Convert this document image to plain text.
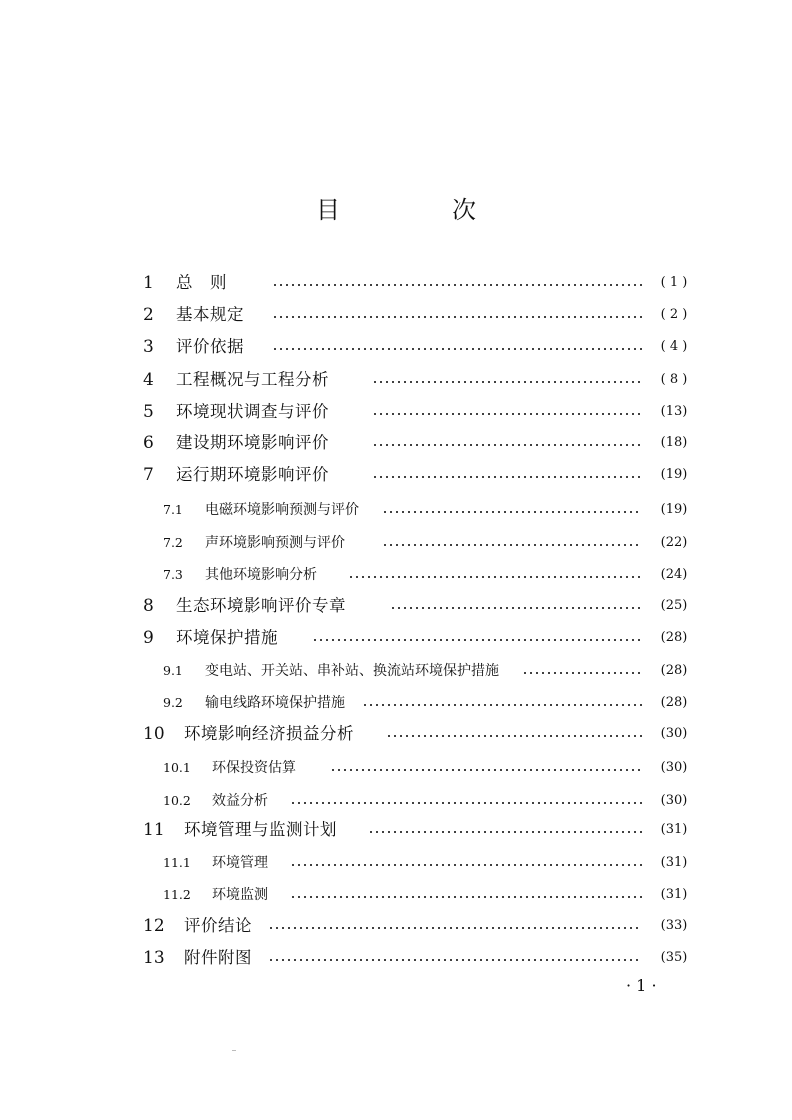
目　次
1 总　则	( 1 )
2 基本规定	( 2 )
3 评价依据	( 4 )
4 工程概况与工程分析	( 8 )
5 环境现状调查与评价	(13)
6 建设期环境影响评价	(18)
7 运行期环境影响评价	(19)
7.1 电磁环境影响预测与评价	(19)
7.2 声环境影响预测与评价	(22)
7.3 其他环境影响分析	(24)
8 生态环境影响评价专章	(25)
9 环境保护措施	(28)
9.1 变电站、开关站、串补站、换流站环境保护措施	(28)
9.2 输电线路环境保护措施	(28)
10 环境影响经济损益分析	(30)
10.1 环保投资估算	(30)
10.2 效益分析	(30)
11 环境管理与监测计划	(31)
11.1 环境管理	(31)
11.2 环境监测	(31)
12 评价结论	(33)
13 附件附图	(35)
· 1 ·
